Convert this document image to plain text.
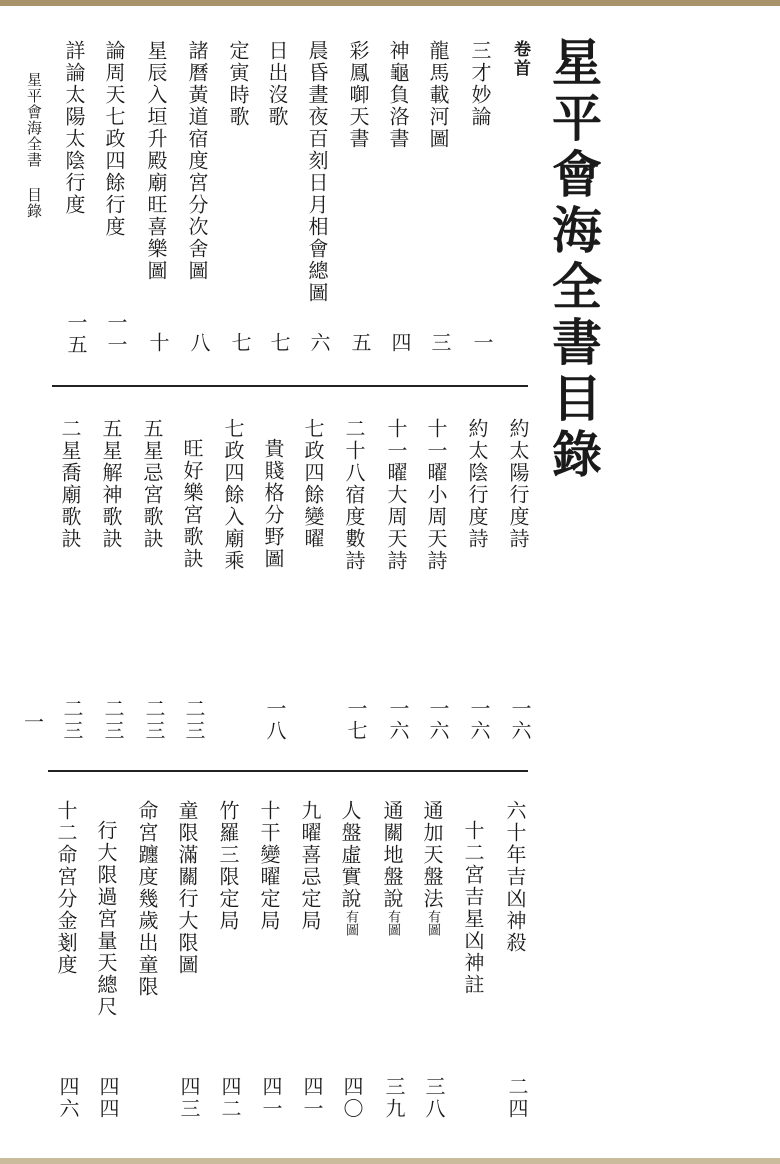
星平會海全書目錄
卷首
星平會海全書 目錄
一
三才妙論
龍馬載河圖
神龜負洛書
彩鳳啣天書
晨昏晝夜百刻日月相會總圖
日出沒歌
定寅時歌
諸曆黃道宿度宮分次舍圖
星辰入垣升殿廟旺喜樂圖
論周天七政四餘行度
詳論太陽太陰行度
一
三
四
五
六
七
七
八
十
一一
一五
約太陽行度詩
約太陰行度詩
十一曜小周天詩
十一曜大周天詩
二十八宿度數詩
七政四餘變曜
貴賤格分野圖
七政四餘入廟乘
旺好樂宮歌訣
五星忌宮歌訣
五星解神歌訣
二星喬廟歌訣
一六
一六
一六
一六
一七
一八
二三
二三
二三
二三
六十年吉凶神殺
十二宮吉星凶神註
通加天盤法有圖
通關地盤說有圖
人盤虛實說有圖
九曜喜忌定局
十干變曜定局
竹羅三限定局
童限滿關行大限圖
命宮躔度幾歲出童限
行大限過宮量天總尺
十二命宮分金剗度
二四
三八
三九
四〇
四一
四一
四二
四三
四四
四六
